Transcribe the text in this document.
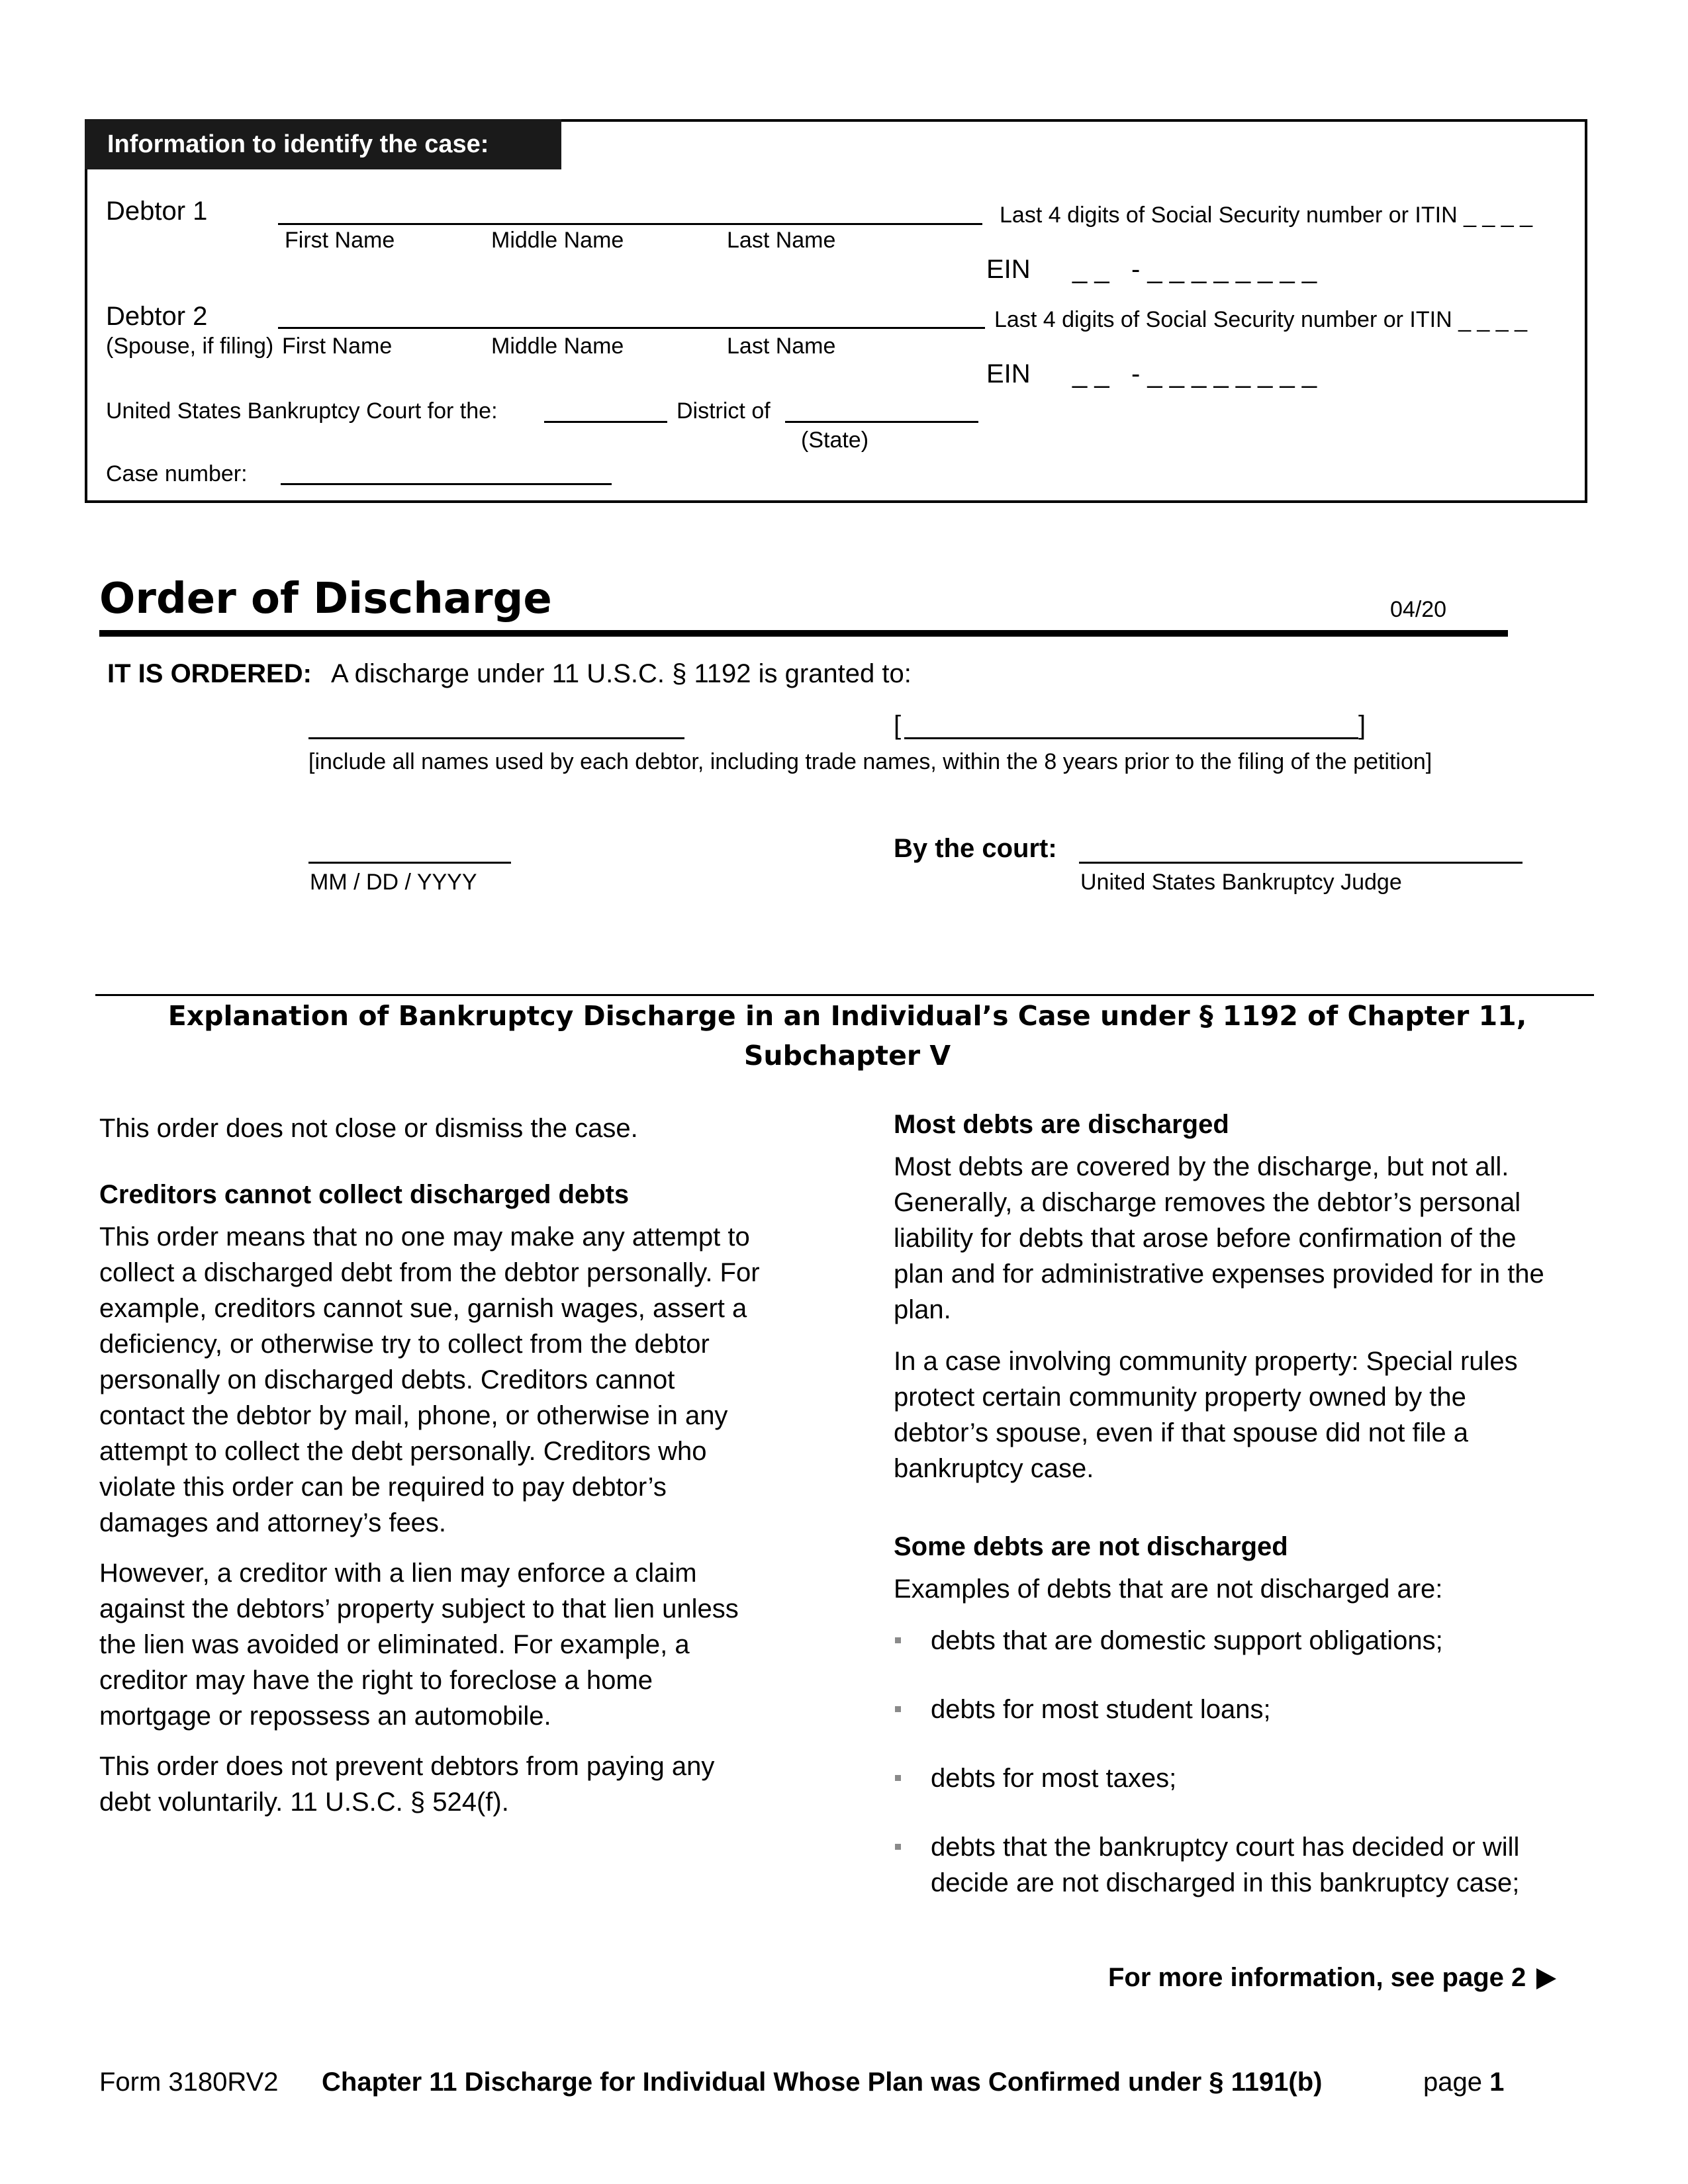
Information to identify the case:
Debtor 1
First Name	Middle Name	Last Name
Last 4 digits of Social Security number or ITIN _ _ _ _
EIN _ _   - _ _ _ _ _ _ _ _
Debtor 2
(Spouse, if filing) First Name	Middle Name	Last Name
Last 4 digits of Social Security number or ITIN _ _ _ _
EIN _ _   - _ _ _ _ _ _ _ _
United States Bankruptcy Court for the:	District of
(State)
Case number:
Order of Discharge	04/20
IT IS ORDERED: A discharge under 11 U.S.C. § 1192 is granted to:
[	]
[include all names used by each debtor, including trade names, within the 8 years prior to the filing of the petition]
MM / DD / YYYY
By the court:
United States Bankruptcy Judge
Explanation of Bankruptcy Discharge in an Individual’s Case under § 1192 of Chapter 11,
Subchapter V

This order does not close or dismiss the case.

Creditors cannot collect discharged debts

This order means that no one may make any attempt to collect a discharged debt from the debtor personally. For example, creditors cannot sue, garnish wages, assert a deficiency, or otherwise try to collect from the debtor personally on discharged debts. Creditors cannot contact the debtor by mail, phone, or otherwise in any attempt to collect the debt personally. Creditors who violate this order can be required to pay debtor’s damages and attorney’s fees.

However, a creditor with a lien may enforce a claim against the debtors’ property subject to that lien unless the lien was avoided or eliminated. For example, a creditor may have the right to foreclose a home mortgage or repossess an automobile.

This order does not prevent debtors from paying any debt voluntarily. 11 U.S.C. § 524(f).

Most debts are discharged

Most debts are covered by the discharge, but not all. Generally, a discharge removes the debtor’s personal liability for debts that arose before confirmation of the plan and for administrative expenses provided for in the plan.

In a case involving community property: Special rules protect certain community property owned by the debtor’s spouse, even if that spouse did not file a bankruptcy case.

Some debts are not discharged

Examples of debts that are not discharged are:

debts that are domestic support obligations;

debts for most student loans;

debts for most taxes;

debts that the bankruptcy court has decided or will decide are not discharged in this bankruptcy case;

For more information, see page 2
Form 3180RV2 Chapter 11 Discharge for Individual Whose Plan was Confirmed under § 1191(b)	page 1
